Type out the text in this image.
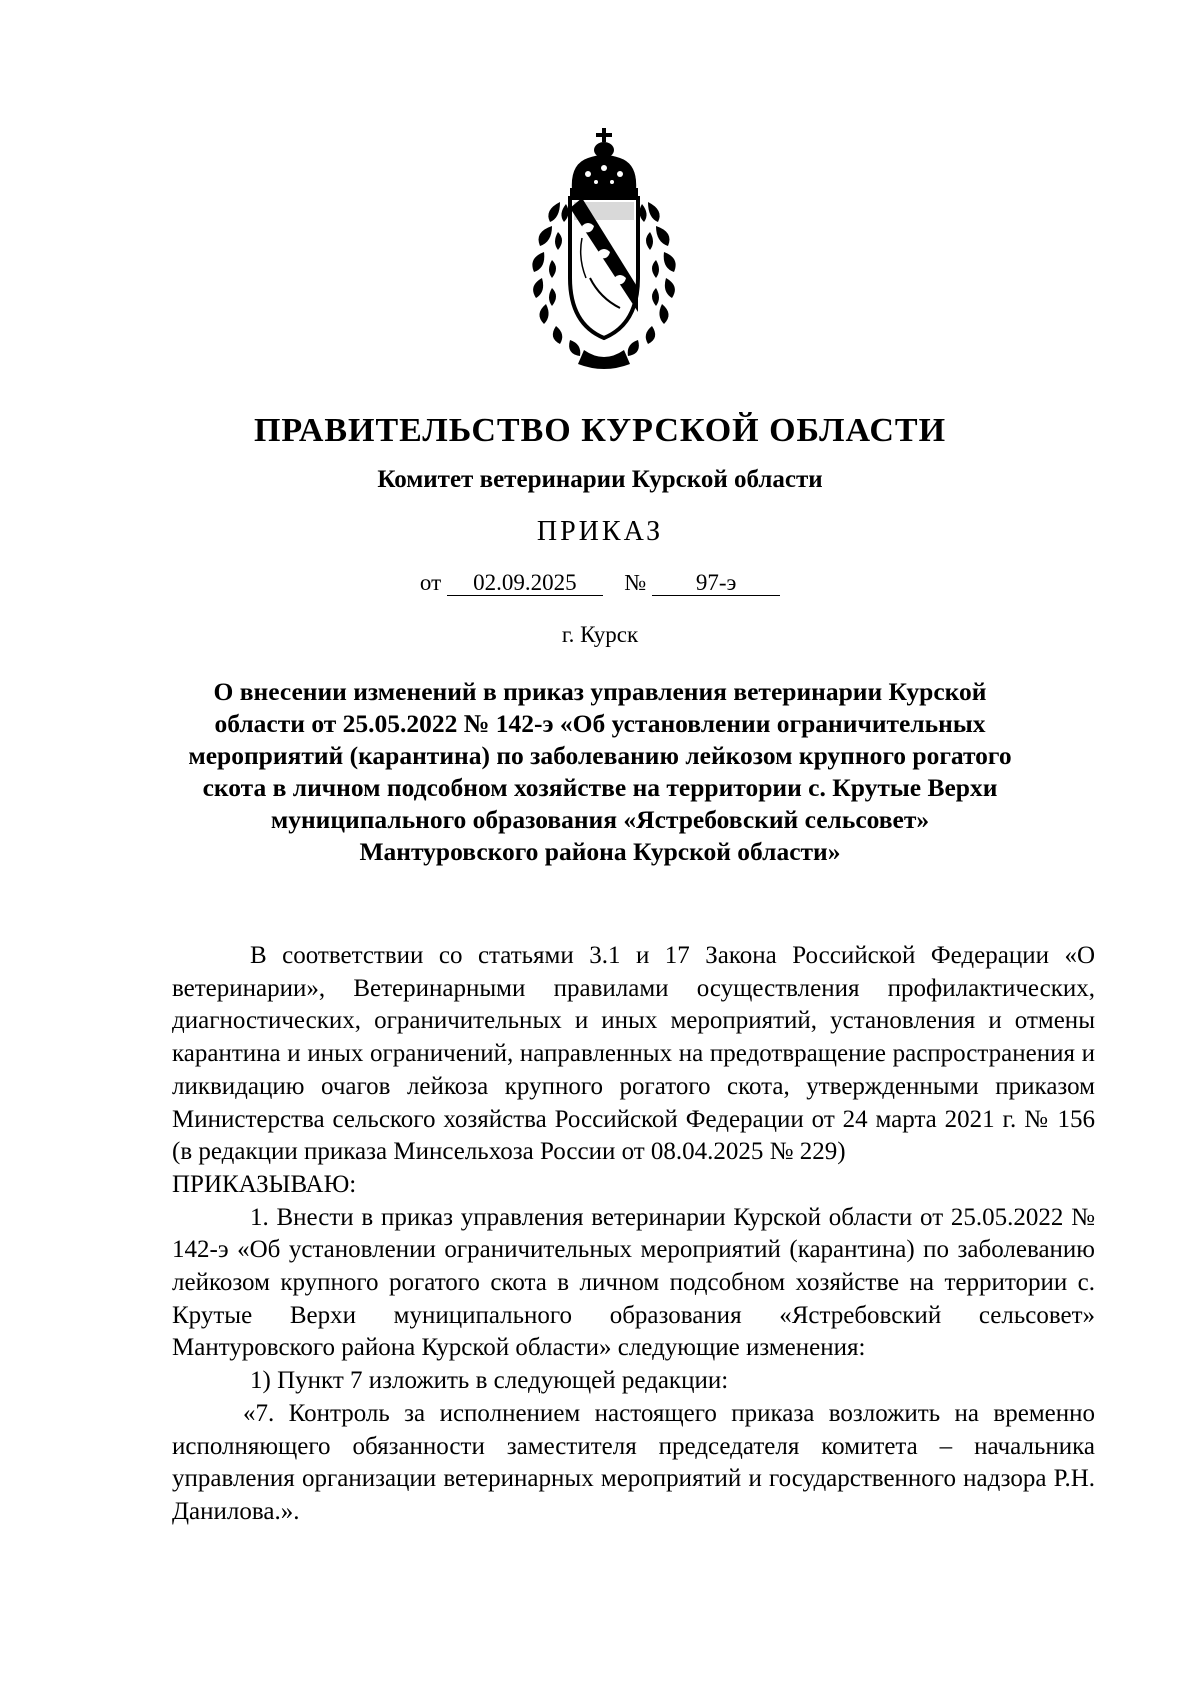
ПРАВИТЕЛЬСТВО КУРСКОЙ ОБЛАСТИ
Комитет ветеринарии Курской области
ПРИКАЗ
от 02.09.2025 № 97-э
г. Курск
О внесении изменений в приказ управления ветеринарии Курской области от 25.05.2022 № 142-э «Об установлении ограничительных мероприятий (карантина) по заболеванию лейкозом крупного рогатого скота в личном подсобном хозяйстве на территории с. Крутые Верхи муниципального образования «Ястребовский сельсовет» Мантуровского района Курской области»

В соответствии со статьями 3.1 и 17 Закона Российской Федерации «О ветеринарии», Ветеринарными правилами осуществления профилактических, диагностических, ограничительных и иных мероприятий, установления и отмены карантина и иных ограничений, направленных на предотвращение распространения и ликвидацию очагов лейкоза крупного рогатого скота, утвержденными приказом Министерства сельского хозяйства Российской Федерации от 24 марта 2021 г. № 156 (в редакции приказа Минсельхоза России от 08.04.2025 № 229)

ПРИКАЗЫВАЮ:

1. Внести в приказ управления ветеринарии Курской области от 25.05.2022 № 142-э «Об установлении ограничительных мероприятий (карантина) по заболеванию лейкозом крупного рогатого скота в личном подсобном хозяйстве на территории с. Крутые Верхи муниципального образования «Ястребовский сельсовет» Мантуровского района Курской области» следующие изменения:

1) Пункт 7 изложить в следующей редакции:

«7. Контроль за исполнением настоящего приказа возложить на временно исполняющего обязанности заместителя председателя комитета – начальника управления организации ветеринарных мероприятий и государственного надзора Р.Н. Данилова.».
